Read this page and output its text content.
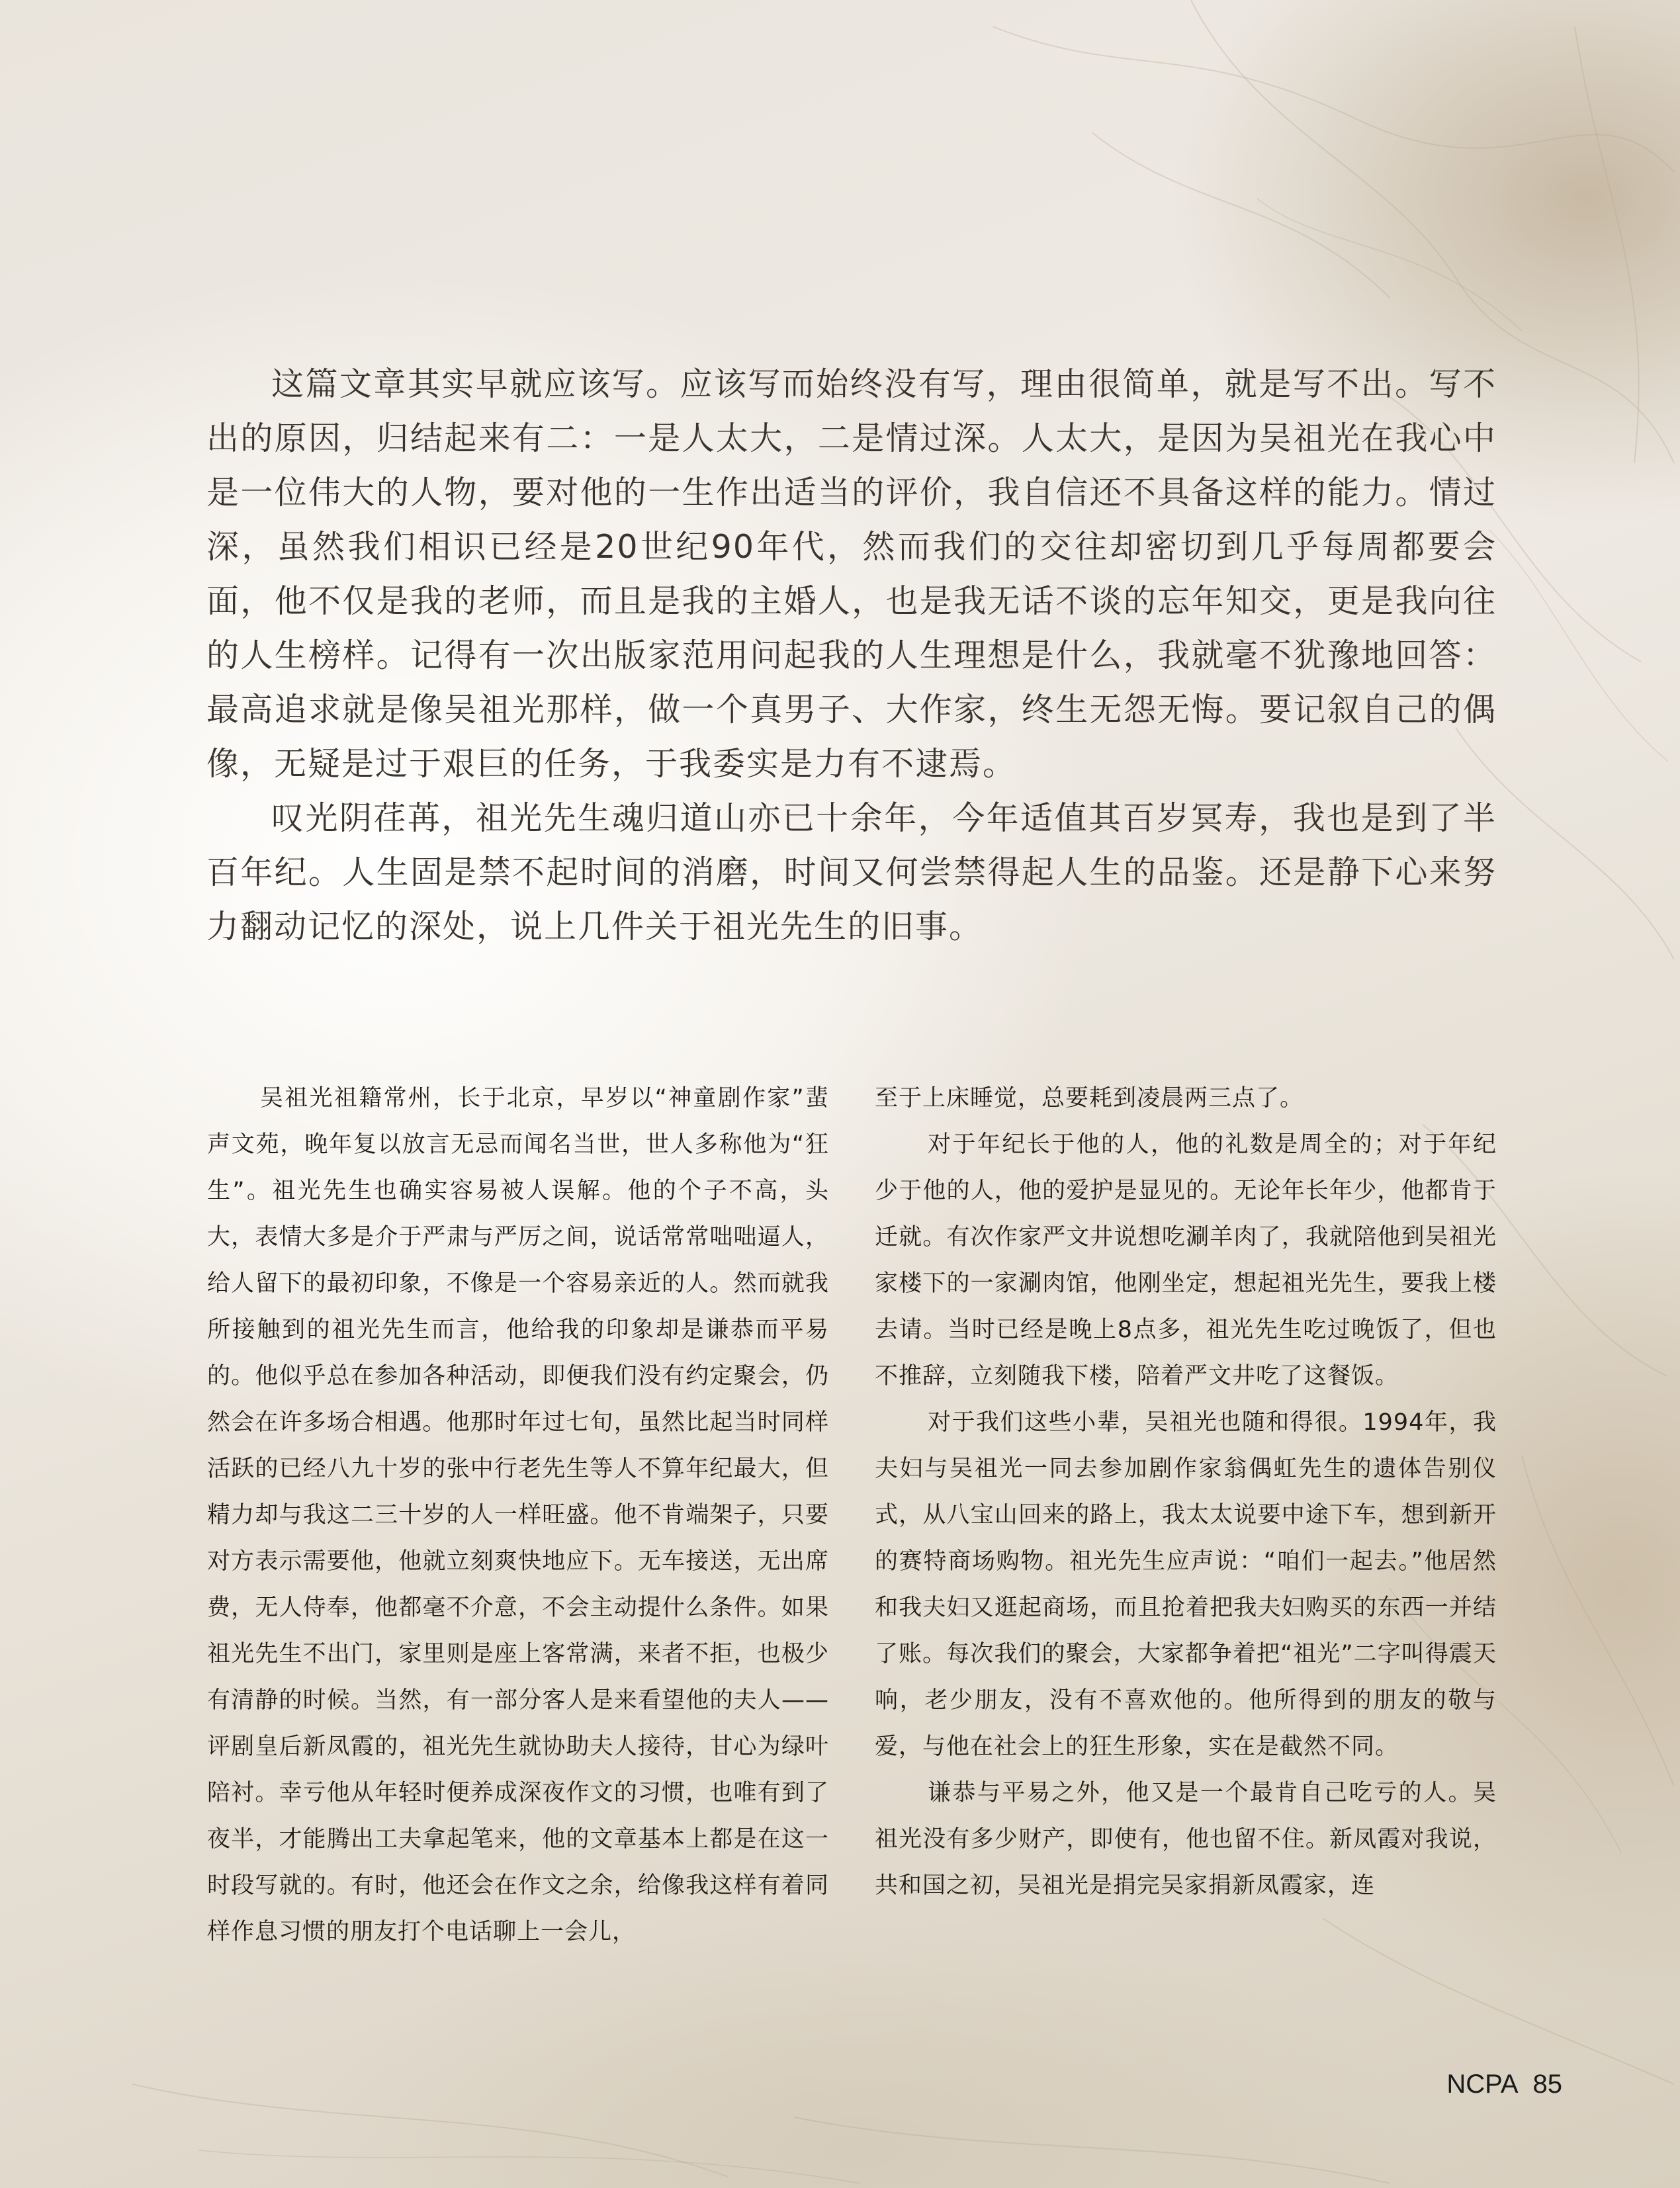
这篇文章其实早就应该写。应该写而始终没有写，理由很简单，就是写不出。写不出的原因，归结起来有二：一是人太大，二是情过深。人太大，是因为吴祖光在我心中是一位伟大的人物，要对他的一生作出适当的评价，我自信还不具备这样的能力。情过深，虽然我们相识已经是20世纪90年代，然而我们的交往却密切到几乎每周都要会面，他不仅是我的老师，而且是我的主婚人，也是我无话不谈的忘年知交，更是我向往的人生榜样。记得有一次出版家范用问起我的人生理想是什么，我就毫不犹豫地回答：最高追求就是像吴祖光那样，做一个真男子、大作家，终生无怨无悔。要记叙自己的偶像，无疑是过于艰巨的任务，于我委实是力有不逮焉。

叹光阴荏苒，祖光先生魂归道山亦已十余年，今年适值其百岁冥寿，我也是到了半百年纪。人生固是禁不起时间的消磨，时间又何尝禁得起人生的品鉴。还是静下心来努力翻动记忆的深处，说上几件关于祖光先生的旧事。

吴祖光祖籍常州，长于北京，早岁以“神童剧作家”蜚声文苑，晚年复以放言无忌而闻名当世，世人多称他为“狂生”。祖光先生也确实容易被人误解。他的个子不高，头大，表情大多是介于严肃与严厉之间，说话常常咄咄逼人，给人留下的最初印象，不像是一个容易亲近的人。然而就我所接触到的祖光先生而言，他给我的印象却是谦恭而平易的。他似乎总在参加各种活动，即便我们没有约定聚会，仍然会在许多场合相遇。他那时年过七旬，虽然比起当时同样活跃的已经八九十岁的张中行老先生等人不算年纪最大，但精力却与我这二三十岁的人一样旺盛。他不肯端架子，只要对方表示需要他，他就立刻爽快地应下。无车接送，无出席费，无人侍奉，他都毫不介意，不会主动提什么条件。如果祖光先生不出门，家里则是座上客常满，来者不拒，也极少有清静的时候。当然，有一部分客人是来看望他的夫人——评剧皇后新凤霞的，祖光先生就协助夫人接待，甘心为绿叶陪衬。幸亏他从年轻时便养成深夜作文的习惯，也唯有到了夜半，才能腾出工夫拿起笔来，他的文章基本上都是在这一时段写就的。有时，他还会在作文之余，给像我这样有着同样作息习惯的朋友打个电话聊上一会儿，

至于上床睡觉，总要耗到凌晨两三点了。

对于年纪长于他的人，他的礼数是周全的；对于年纪少于他的人，他的爱护是显见的。无论年长年少，他都肯于迁就。有次作家严文井说想吃涮羊肉了，我就陪他到吴祖光家楼下的一家涮肉馆，他刚坐定，想起祖光先生，要我上楼去请。当时已经是晚上8点多，祖光先生吃过晚饭了，但也不推辞，立刻随我下楼，陪着严文井吃了这餐饭。

对于我们这些小辈，吴祖光也随和得很。1994年，我夫妇与吴祖光一同去参加剧作家翁偶虹先生的遗体告别仪式，从八宝山回来的路上，我太太说要中途下车，想到新开的赛特商场购物。祖光先生应声说：“咱们一起去。”他居然和我夫妇又逛起商场，而且抢着把我夫妇购买的东西一并结了账。每次我们的聚会，大家都争着把“祖光”二字叫得震天响，老少朋友，没有不喜欢他的。他所得到的朋友的敬与爱，与他在社会上的狂生形象，实在是截然不同。

谦恭与平易之外，他又是一个最肯自己吃亏的人。吴祖光没有多少财产，即使有，他也留不住。新凤霞对我说，共和国之初，吴祖光是捐完吴家捐新凤霞家，连

NCPA 85
